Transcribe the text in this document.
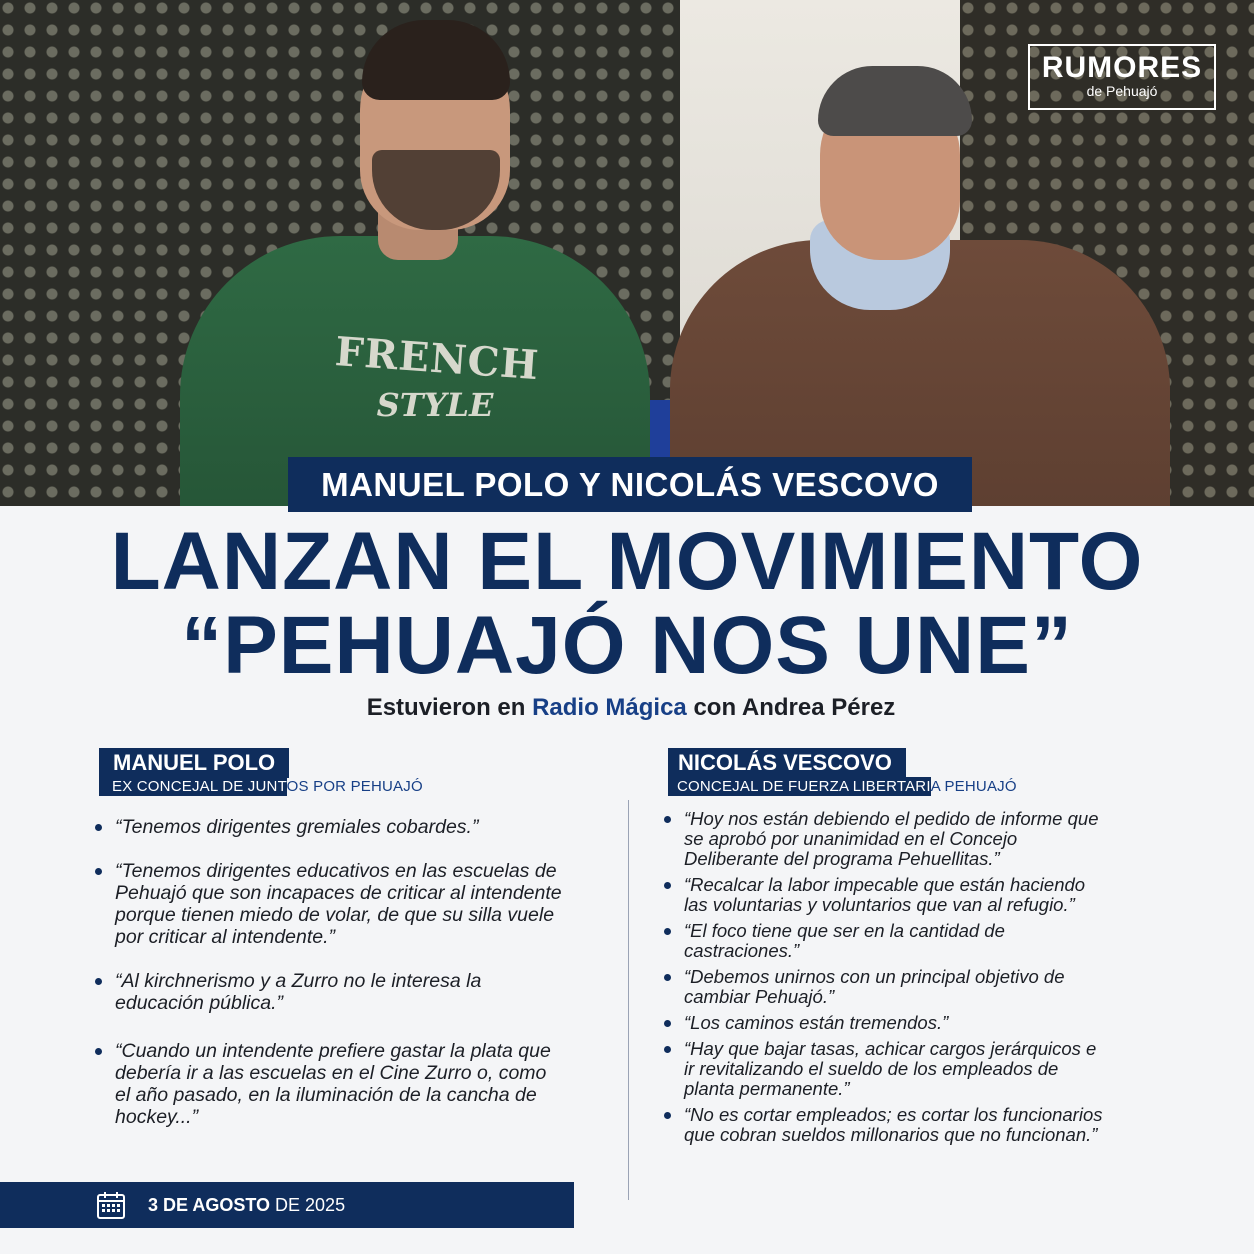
FRENCH
STYLE
RUMORES
de Pehuajó
MANUEL POLO Y NICOLÁS VESCOVO
LANZAN EL MOVIMIENTO
“PEHUAJÓ NOS UNE”
Estuvieron en Radio Mágica con Andrea Pérez
MANUEL POLO
EX CONCEJAL DE JUNTOS POR PEHUAJÓ
“Tenemos dirigentes gremiales cobardes.”
“Tenemos dirigentes educativos en las escuelas de Pehuajó que son incapaces de criticar al intendente porque tienen miedo de volar, de que su silla vuele por criticar al intendente.”
“Al kirchnerismo y a Zurro no le interesa la educación pública.”
“Cuando un intendente prefiere gastar la plata que debería ir a las escuelas en el Cine Zurro o, como el año pasado, en la iluminación de la cancha de hockey...”
NICOLÁS VESCOVO
CONCEJAL DE FUERZA LIBERTARIA PEHUAJÓ
“Hoy nos están debiendo el pedido de informe que se aprobó por unanimidad en el Concejo Deliberante del programa Pehuellitas.”
“Recalcar la labor impecable que están haciendo las voluntarias y voluntarios que van al refugio.”
“El foco tiene que ser en la cantidad de castraciones.”
“Debemos unirnos con un principal objetivo de cambiar Pehuajó.”
“Los caminos están tremendos.”
“Hay que bajar tasas, achicar cargos jerárquicos e ir revitalizando el sueldo de los empleados de planta permanente.”
“No es cortar empleados; es cortar los funcionarios que cobran sueldos millonarios que no funcionan.”
3 DE AGOSTO DE 2025
